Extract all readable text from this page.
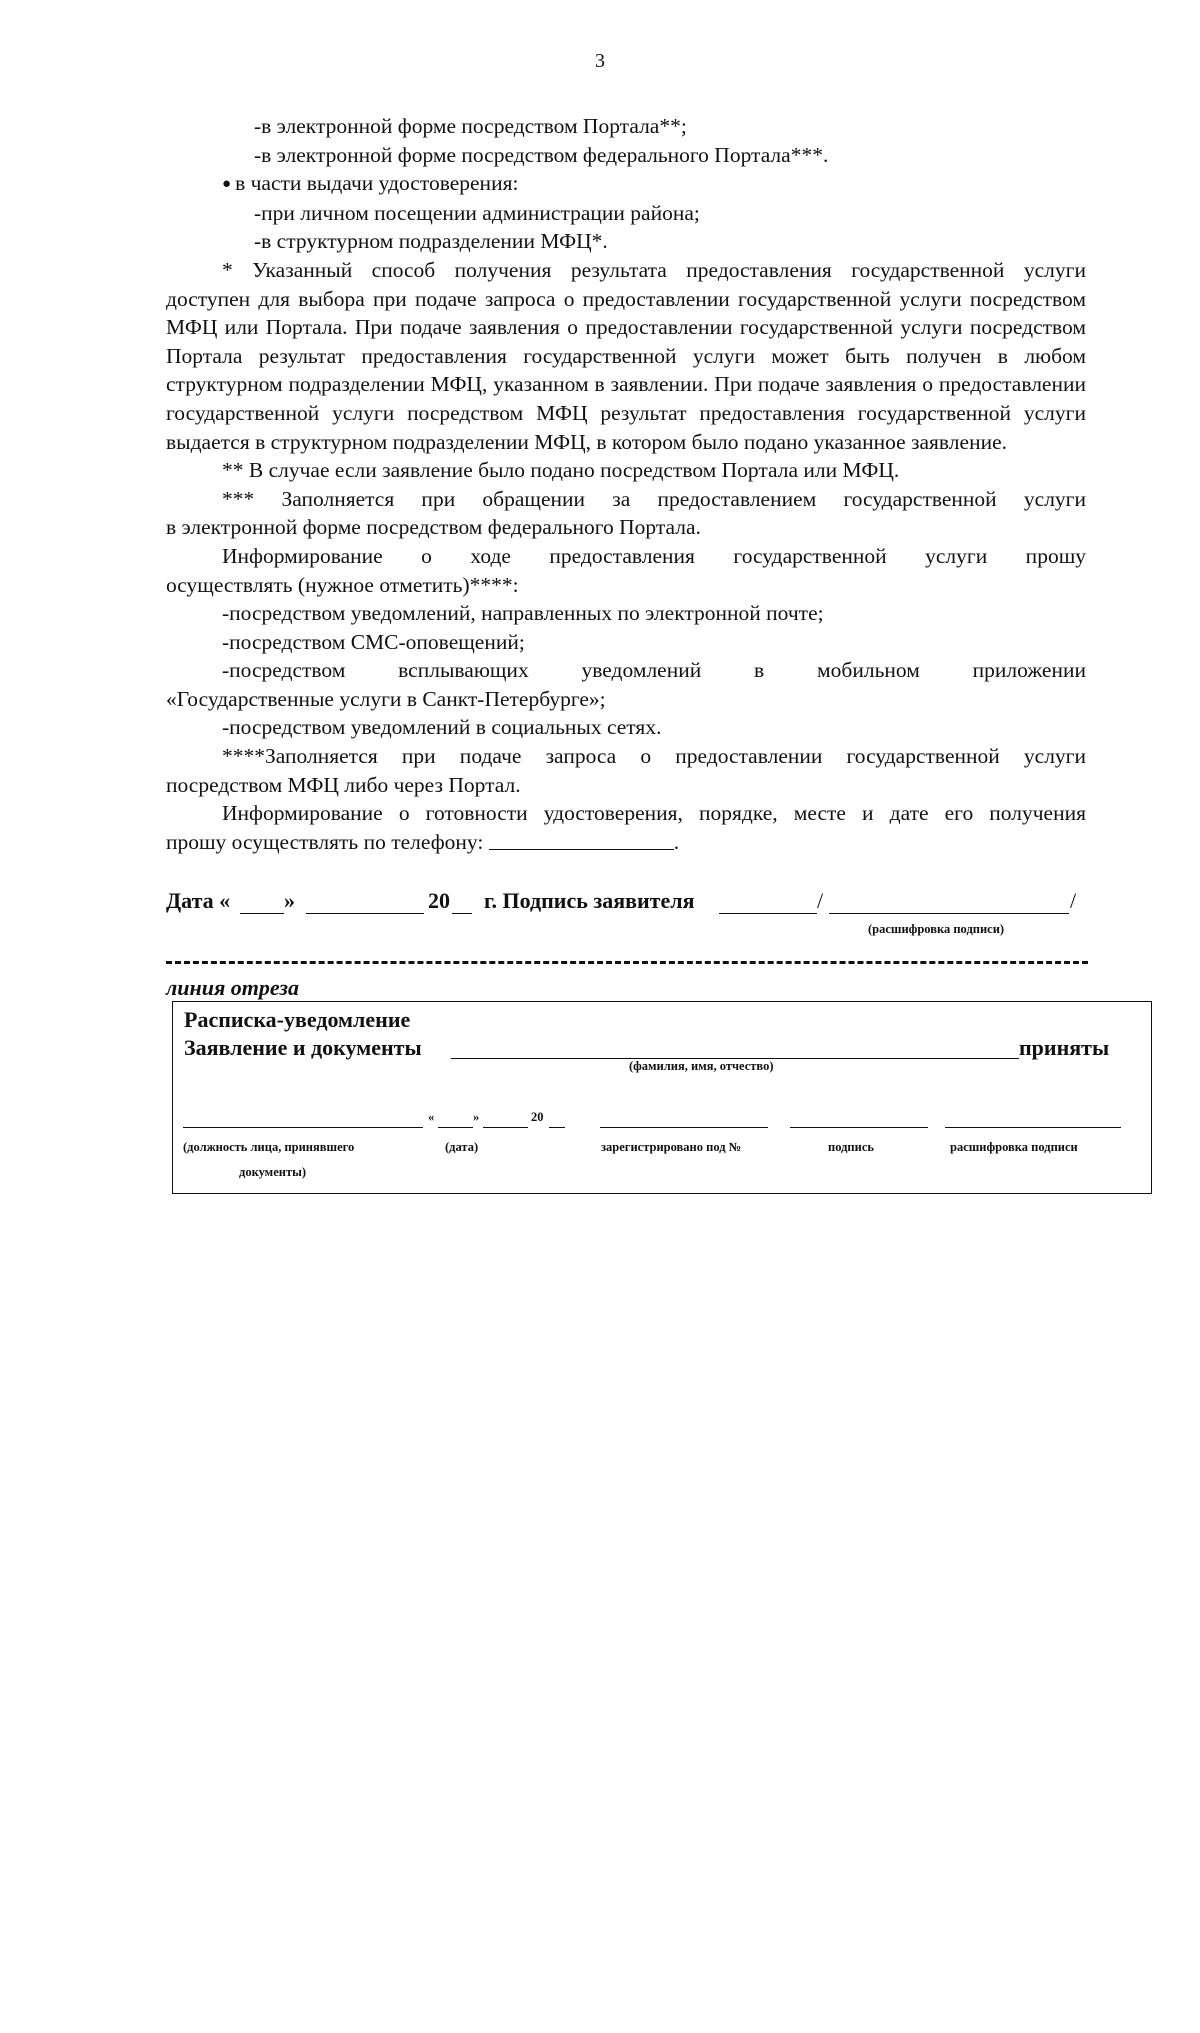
3

-в электронной форме посредством Портала**;

-в электронной форме посредством федерального Портала***.

● в части выдачи удостоверения:

-при личном посещении администрации района;

-в структурном подразделении МФЦ*.

* Указанный способ получения результата предоставления государственной услуги

доступен для выбора при подаче запроса о предоставлении государственной услуги посредством МФЦ или Портала. При подаче заявления о предоставлении государственной услуги посредством Портала результат предоставления государственной услуги может быть получен в любом структурном подразделении МФЦ, указанном в заявлении. При подаче заявления о предоставлении государственной услуги посредством МФЦ результат предоставления государственной услуги выдается в структурном подразделении МФЦ, в котором было подано указанное заявление.

** В случае если заявление было подано посредством Портала или МФЦ.

*** Заполняется при обращении за предоставлением государственной услуги

в электронной форме посредством федерального Портала.

Информирование о ходе предоставления государственной услуги прошу

осуществлять (нужное отметить)****:

-посредством уведомлений, направленных по электронной почте;

-посредством СМС-оповещений;

-посредством всплывающих уведомлений в мобильном приложении

«Государственные услуги в Санкт-Петербурге»;

-посредством уведомлений в социальных сетях.

****Заполняется при подаче запроса о предоставлении государственной услуги

посредством МФЦ либо через Портал.

Информирование о готовности удостоверения, порядке, месте и дате его получения

прошу осуществлять по телефону:	.

Дата « »	20 г. Подпись заявителя	/	/
(расшифровка подписи)
линия отреза
Расписка-уведомление
Заявление и документы	приняты
(фамилия, имя, отчество)
«	»	20
(должность лица, принявшего
документы)
(дата)	зарегистрировано под №	подпись	расшифровка подписи
